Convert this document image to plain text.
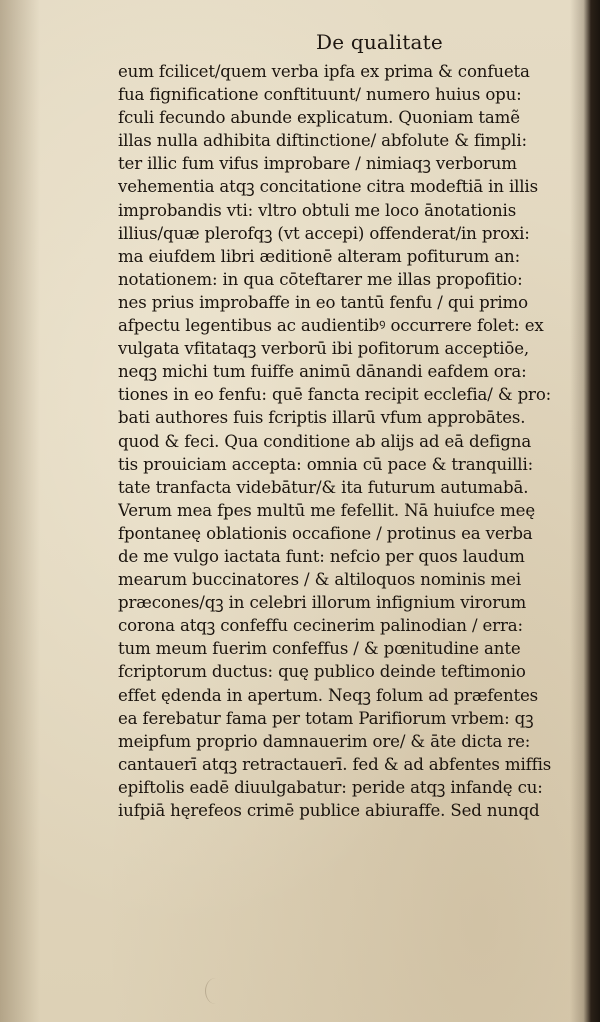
De qualitate
eum fcilicet/quem verba ipfa ex prima & confueta
fua fignificatione conftituunt/ numero huius opu:
fculi fecundo abunde explicatum. Quoniam tamẽ
illas nulla adhibita diftinctione/ abfolute & fimpli:
ter illic fum vifus improbare / nimiaqꝫ verborum
vehementia atqꝫ concitatione citra modeftiā in illis
improbandis vti: vltro obtuli me loco ānotationis
illius/quæ plerofqꝫ (vt accepi) offenderat/in proxi:
ma eiufdem libri æditionē alteram pofiturum an:
notationem: in qua cōteftarer me illas propofitio:
nes prius improbaffe in eo tantū fenfu / qui primo
afpectu legentibus ac audientibꝰ occurrere folet: ex
vulgata vfitataqꝫ verborū ibi pofitorum acceptiōe,
neqꝫ michi tum fuiffe animū dānandi eafdem ora:
tiones in eo fenfu: quē fancta recipit ecclefia/ & pro:
bati authores fuis fcriptis illarū vfum approbātes.
quod & feci. Qua conditione ab alijs ad eā defigna
tis prouiciam accepta: omnia cū pace & tranquilli:
tate tranfacta videbātur/& ita futurum autumabā.
Verum mea fpes multū me fefellit. Nā huiufce meę
fpontaneę oblationis occafione / protinus ea verba
de me vulgo iactata funt: nefcio per quos laudum
mearum buccinatores / & altiloquos nominis mei
præcones/qꝫ in celebri illorum infignium virorum
corona atqꝫ confeffu cecinerim palinodian / erra:
tum meum fuerim confeffus / & pœnitudine ante
fcriptorum ductus: quę publico deinde teftimonio
effet ędenda in apertum. Neqꝫ folum ad præfentes
ea ferebatur fama per totam Parifiorum vrbem: qꝫ
meipfum proprio damnauerim ore/ & āte dicta re:
cantauerī atqꝫ retractauerī. fed & ad abfentes miffis
epiftolis eadē diuulgabatur: peride atqꝫ infandę cu:
iufpiā hęrefeos crimē publice abiuraffe. Sed nunqd
